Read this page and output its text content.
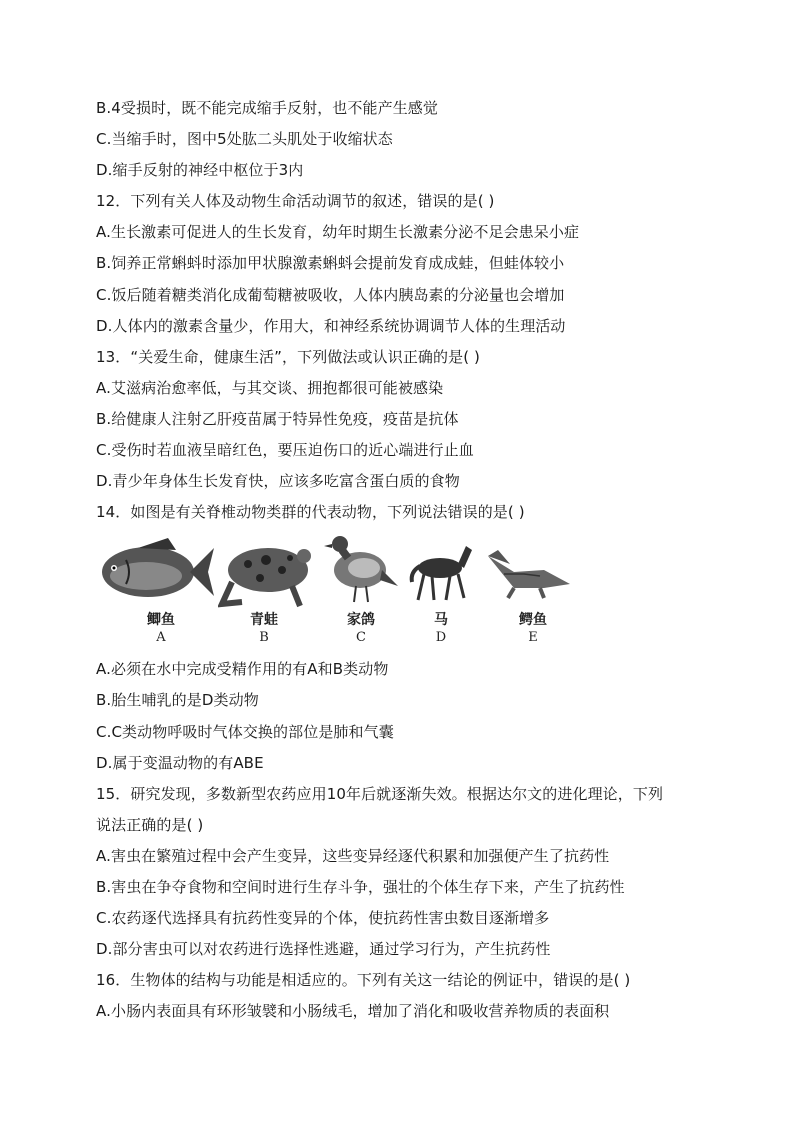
B.4受损时，既不能完成缩手反射，也不能产生感觉
C.当缩手时，图中5处肱二头肌处于收缩状态
D.缩手反射的神经中枢位于3内
12．下列有关人体及动物生命活动调节的叙述，错误的是( )
A.生长激素可促进人的生长发育，幼年时期生长激素分泌不足会患呆小症
B.饲养正常蝌蚪时添加甲状腺激素蝌蚪会提前发育成成蛙，但蛙体较小
C.饭后随着糖类消化成葡萄糖被吸收，人体内胰岛素的分泌量也会增加
D.人体内的激素含量少，作用大，和神经系统协调调节人体的生理活动
13．“关爱生命，健康生活”，下列做法或认识正确的是( )
A.艾滋病治愈率低，与其交谈、拥抱都很可能被感染
B.给健康人注射乙肝疫苗属于特异性免疫，疫苗是抗体
C.受伤时若血液呈暗红色，要压迫伤口的近心端进行止血
D.青少年身体生长发育快，应该多吃富含蛋白质的食物
14．如图是有关脊椎动物类群的代表动物，下列说法错误的是( )
鲫鱼
A
青蛙
B
家鸽
C
马
D
鳄鱼
E
A.必须在水中完成受精作用的有A和B类动物
B.胎生哺乳的是D类动物
C.C类动物呼吸时气体交换的部位是肺和气囊
D.属于变温动物的有ABE
15．研究发现，多数新型农药应用10年后就逐渐失效。根据达尔文的进化理论，下列
说法正确的是( )
A.害虫在繁殖过程中会产生变异，这些变异经逐代积累和加强便产生了抗药性
B.害虫在争夺食物和空间时进行生存斗争，强壮的个体生存下来，产生了抗药性
C.农药逐代选择具有抗药性变异的个体，使抗药性害虫数目逐渐增多
D.部分害虫可以对农药进行选择性逃避，通过学习行为，产生抗药性
16．生物体的结构与功能是相适应的。下列有关这一结论的例证中，错误的是( )
A.小肠内表面具有环形皱襞和小肠绒毛，增加了消化和吸收营养物质的表面积
